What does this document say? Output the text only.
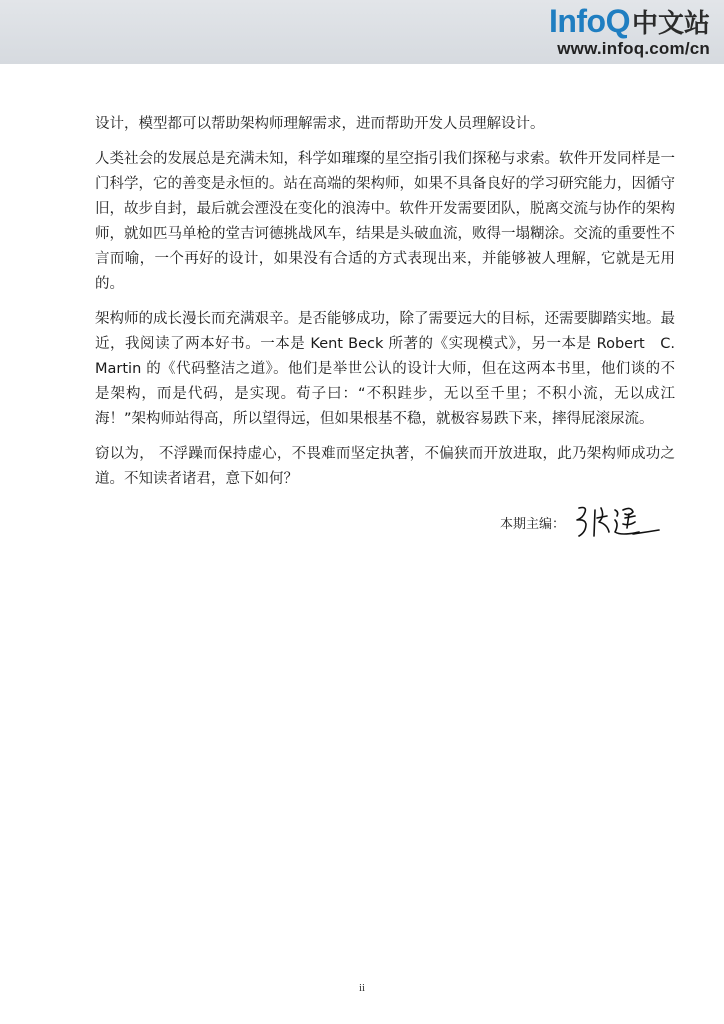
InfoQ 中文站
www.infoq.com/cn

设计，模型都可以帮助架构师理解需求，进而帮助开发人员理解设计。

人类社会的发展总是充满未知，科学如璀璨的星空指引我们探秘与求索。软件开发同样是一门科学，它的善变是永恒的。站在高端的架构师，如果不具备良好的学习研究能力，因循守旧，故步自封，最后就会湮没在变化的浪涛中。软件开发需要团队，脱离交流与协作的架构师，就如匹马单枪的堂吉诃德挑战风车，结果是头破血流，败得一塌糊涂。交流的重要性不言而喻，一个再好的设计，如果没有合适的方式表现出来，并能够被人理解，它就是无用的。

架构师的成长漫长而充满艰辛。是否能够成功，除了需要远大的目标，还需要脚踏实地。最近，我阅读了两本好书。一本是 Kent Beck 所著的《实现模式》，另一本是 Robert　C. Martin 的《代码整洁之道》。他们是举世公认的设计大师，但在这两本书里，他们谈的不是架构，而是代码，是实现。荀子曰：“不积跬步，无以至千里；不积小流，无以成江海！”架构师站得高，所以望得远，但如果根基不稳，就极容易跌下来，摔得屁滚尿流。

窃以为， 不浮躁而保持虚心，不畏难而坚定执著，不偏狭而开放进取，此乃架构师成功之道。不知读者诸君，意下如何？

本期主编：
ii
